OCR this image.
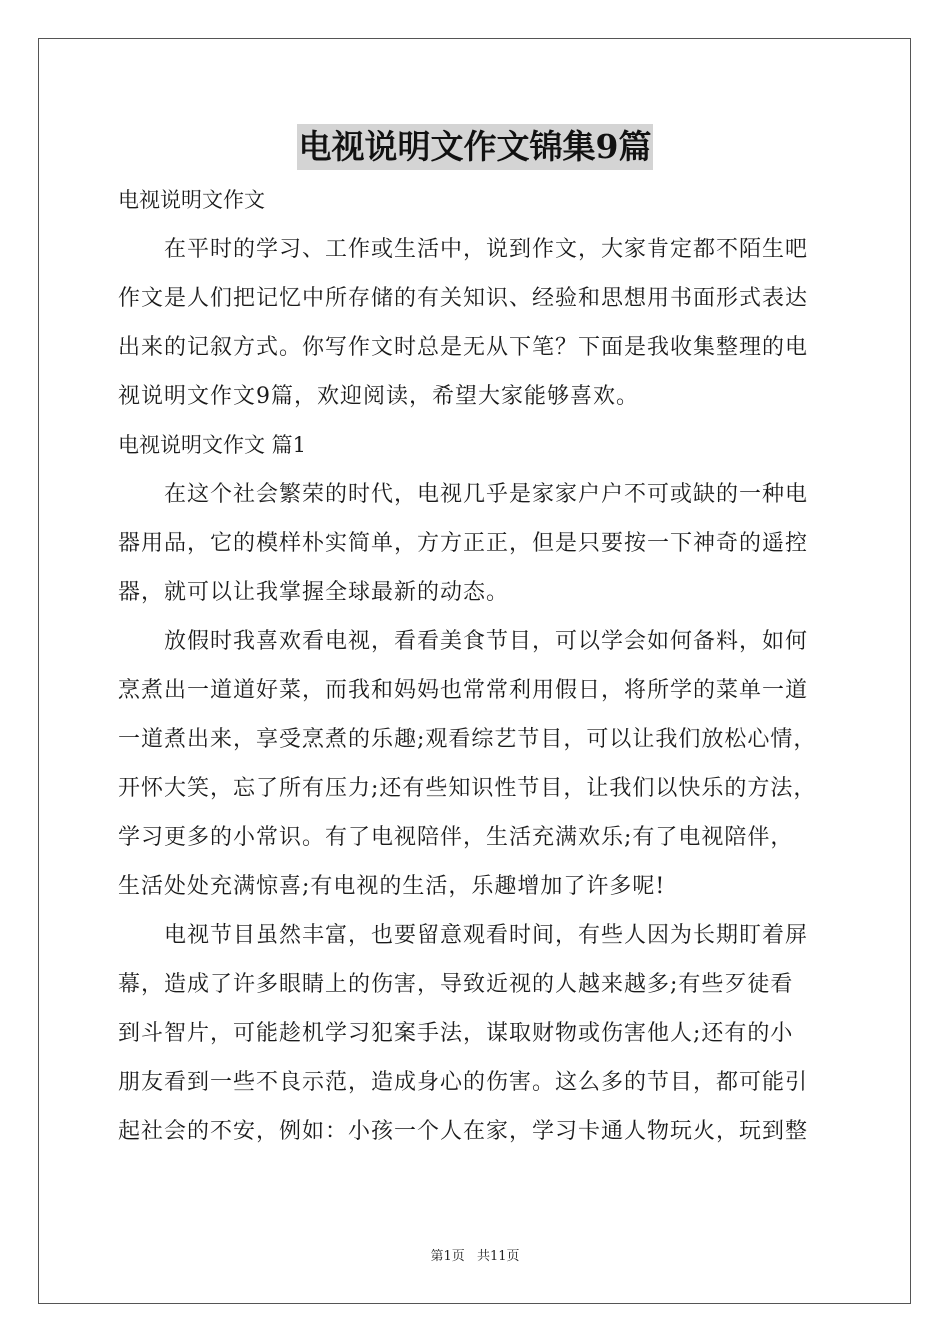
电视说明文作文锦集9篇
电视说明文作文
在平时的学习、工作或生活中，说到作文，大家肯定都不陌生吧
作文是人们把记忆中所存储的有关知识、经验和思想用书面形式表达
出来的记叙方式。你写作文时总是无从下笔？下面是我收集整理的电
视说明文作文9篇，欢迎阅读，希望大家能够喜欢。
电视说明文作文 篇1
在这个社会繁荣的时代，电视几乎是家家户户不可或缺的一种电
器用品，它的模样朴实简单，方方正正，但是只要按一下神奇的遥控
器，就可以让我掌握全球最新的动态。
放假时我喜欢看电视，看看美食节目，可以学会如何备料，如何
烹煮出一道道好菜，而我和妈妈也常常利用假日，将所学的菜单一道
一道煮出来，享受烹煮的乐趣;观看综艺节目，可以让我们放松心情，
开怀大笑，忘了所有压力;还有些知识性节目，让我们以快乐的方法，
学习更多的小常识。有了电视陪伴，生活充满欢乐;有了电视陪伴，
生活处处充满惊喜;有电视的生活，乐趣增加了许多呢!
电视节目虽然丰富，也要留意观看时间，有些人因为长期盯着屏
幕，造成了许多眼睛上的伤害，导致近视的人越来越多;有些歹徒看
到斗智片，可能趁机学习犯案手法，谋取财物或伤害他人;还有的小
朋友看到一些不良示范，造成身心的伤害。这么多的节目，都可能引
起社会的不安，例如：小孩一个人在家，学习卡通人物玩火，玩到整
第1页 共11页
